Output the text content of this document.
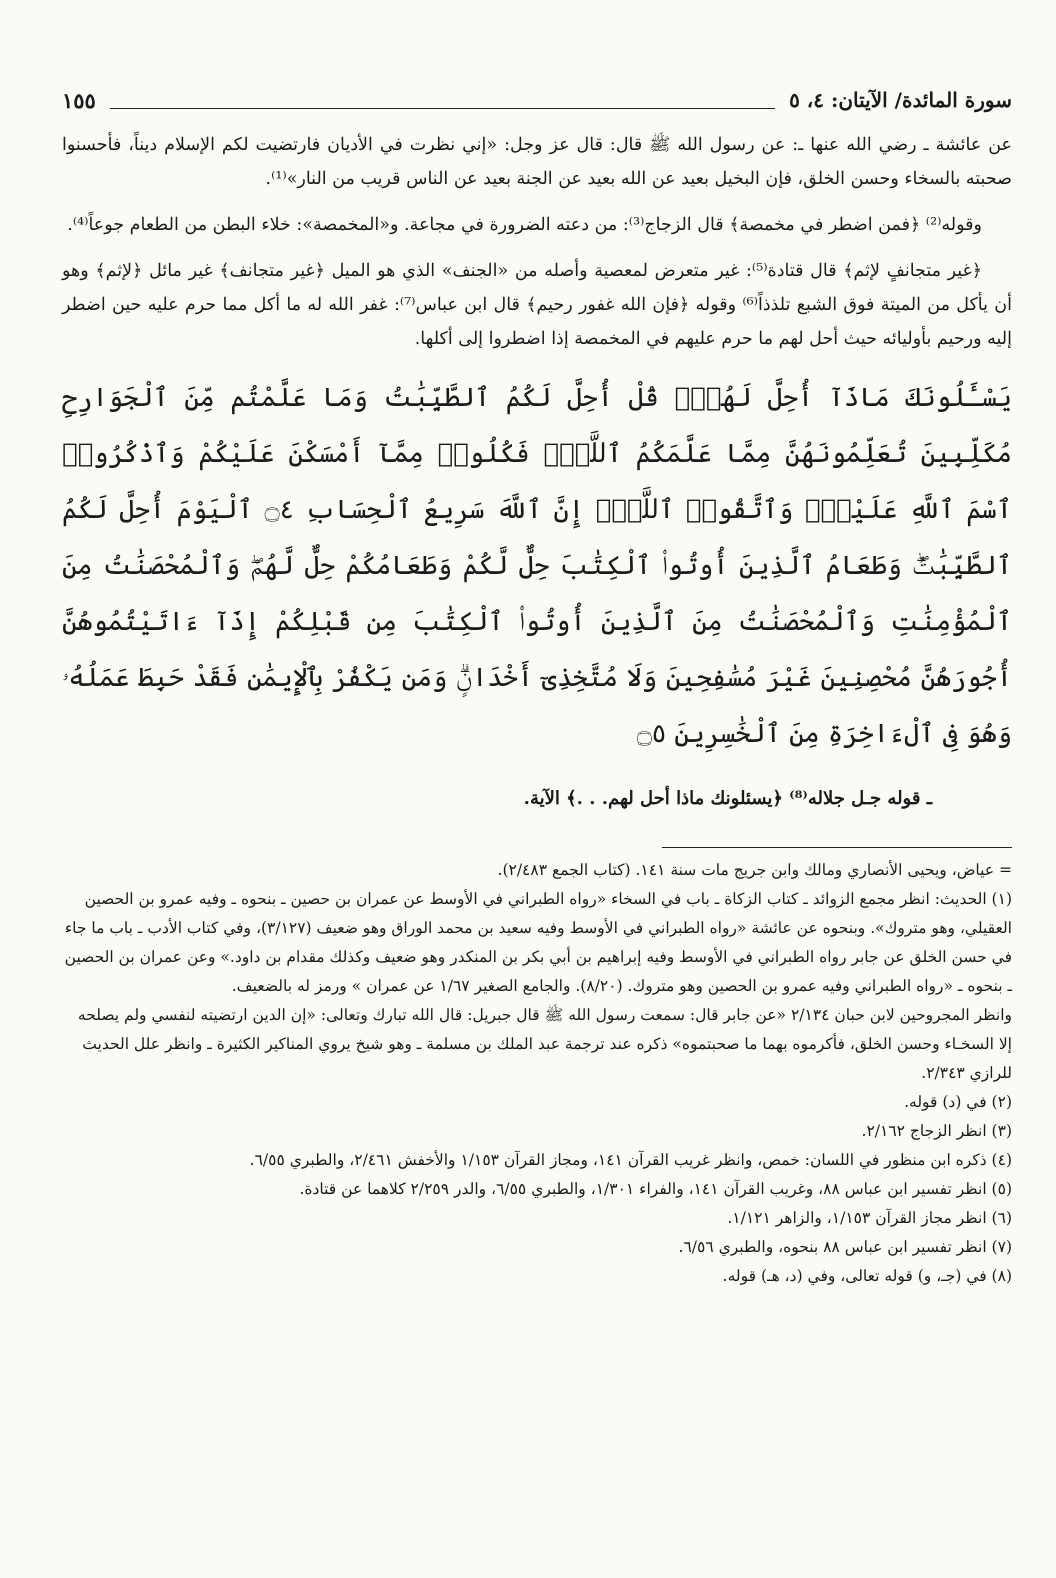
سورة المائدة/ الآيتان: ٤، ٥
١٥٥

عن عائشة ـ رضي الله عنها ـ: عن رسول الله ﷺ قال: قال عز وجل: «إني نظرت في الأديان فارتضيت لكم الإسلام ديناً، فأحسنوا صحبته بالسخاء وحسن الخلق، فإن البخيل بعيد عن الله بعيد عن الجنة بعيد عن الناس قريب من النار»⁽¹⁾.

وقوله⁽²⁾ ﴿فمن اضطر في مخمصة﴾ قال الزجاج⁽³⁾: من دعته الضرورة في مجاعة. و«المخمصة»: خلاء البطن من الطعام جوعاً⁽⁴⁾.

﴿غير متجانفٍ لإثم﴾ قال قتادة⁽⁵⁾: غير متعرض لمعصية وأصله من «الجنف» الذي هو الميل ﴿غير متجانف﴾ غير مائل ﴿لإثم﴾ وهو أن يأكل من الميتة فوق الشبع تلذذاً⁽⁶⁾ وقوله ﴿فإن الله غفور رحيم﴾ قال ابن عباس⁽⁷⁾: غفر الله له ما أكل مما حرم عليه حين اضطر إليه ورحيم بأوليائه حيث أحل لهم ما حرم عليهم في المخمصة إذا اضطروا إلى أكلها.

يَسْـَٔلُونَكَ مَاذَآ أُحِلَّ لَهُمْۖ قُلْ أُحِلَّ لَكُمُ ٱلطَّيِّبَٰتُ وَمَا عَلَّمْتُم مِّنَ ٱلْجَوَارِحِ مُكَلِّبِينَ تُعَلِّمُونَهُنَّ مِمَّا عَلَّمَكُمُ ٱللَّهُۖ فَكُلُوا۟ مِمَّآ أَمْسَكْنَ عَلَيْكُمْ وَٱذْكُرُوا۟ ٱسْمَ ٱللَّهِ عَلَيْهِۖ وَٱتَّقُوا۟ ٱللَّهَۚ إِنَّ ٱللَّهَ سَرِيعُ ٱلْحِسَابِ ۝٤ ٱلْيَوْمَ أُحِلَّ لَكُمُ ٱلطَّيِّبَٰتُۖ وَطَعَامُ ٱلَّذِينَ أُوتُوا۟ ٱلْكِتَٰبَ حِلٌّ لَّكُمْ وَطَعَامُكُمْ حِلٌّ لَّهُمْۖ وَٱلْمُحْصَنَٰتُ مِنَ ٱلْمُؤْمِنَٰتِ وَٱلْمُحْصَنَٰتُ مِنَ ٱلَّذِينَ أُوتُوا۟ ٱلْكِتَٰبَ مِن قَبْلِكُمْ إِذَآ ءَاتَيْتُمُوهُنَّ أُجُورَهُنَّ مُحْصِنِينَ غَيْرَ مُسَٰفِحِينَ وَلَا مُتَّخِذِىٓ أَخْدَانٍۗ وَمَن يَكْفُرْ بِٱلْإِيمَٰنِ فَقَدْ حَبِطَ عَمَلُهُۥ وَهُوَ فِى ٱلْءَاخِرَةِ مِنَ ٱلْخَٰسِرِينَ ۝٥

ـ قوله جـل جلاله⁽⁸⁾ ﴿يسئلونك ماذا أحل لهم. . .﴾ الآية.

= عياض، ويحيى الأنصاري ومالك وابن جريج مات سنة ١٤١. (كتاب الجمع ٢/٤٨٣).

(١) الحديث: انظر مجمع الزوائد ـ كتاب الزكاة ـ باب في السخاء «رواه الطبراني في الأوسط عن عمران بن حصين ـ بنحوه ـ وفيه عمرو بن الحصين العقيلي، وهو متروك». وبنحوه عن عائشة «رواه الطبراني في الأوسط وفيه سعيد بن محمد الوراق وهو ضعيف (٣/١٢٧)، وفي كتاب الأدب ـ باب ما جاء في حسن الخلق عن جابر رواه الطبراني في الأوسط وفيه إبراهيم بن أبي بكر بن المنكدر وهو ضعيف وكذلك مقدام بن داود.» وعن عمران بن الحصين ـ بنحوه ـ «رواه الطبراني وفيه عمرو بن الحصين وهو متروك. (٨/٢٠). والجامع الصغير ١/٦٧ عن عمران » ورمز له بالضعيف.

وانظر المجروحين لابن حبان ٢/١٣٤ «عن جابر قال: سمعت رسول الله ﷺ قال جبريل: قال الله تبارك وتعالى: «إن الدين ارتضيته لنفسي ولم يصلحه إلا السخـاء وحسن الخلق، فأكرموه بهما ما صحبتموه» ذكره عند ترجمة عبد الملك بن مسلمة ـ وهو شيخ يروي المناكير الكثيرة ـ وانظر علل الحديث للرازي ٢/٣٤٣.

(٢) في (د) قوله.

(٣) انظر الزجاج ٢/١٦٢.

(٤) ذكره ابن منظور في اللسان: خمص، وانظر غريب القرآن ١٤١، ومجاز القرآن ١/١٥٣ والأخفش ٢/٤٦١، والطبري ٦/٥٥.

(٥) انظر تفسير ابن عباس ٨٨، وغريب القرآن ١٤١، والفراء ١/٣٠١، والطبري ٦/٥٥، والدر ٢/٢٥٩ كلاهما عن قتادة.

(٦) انظر مجاز القرآن ١/١٥٣، والزاهر ١/١٢١.

(٧) انظر تفسير ابن عباس ٨٨ بنحوه، والطبري ٦/٥٦.

(٨) في (جـ، و) قوله تعالى، وفي (د، هـ) قوله.
